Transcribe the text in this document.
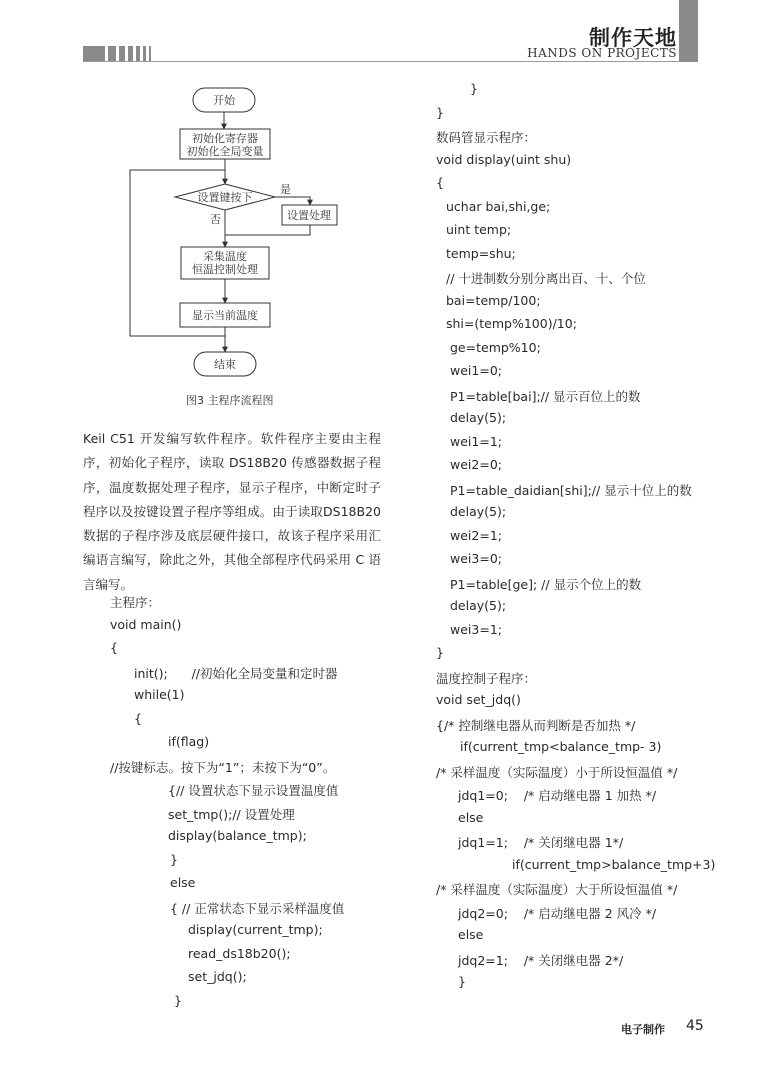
制作天地
HANDS ON PROJECTS
开始
初始化寄存器
初始化全局变量
设置键按下
是
否	设置处理
采集温度
恒温控制处理
显示当前温度
结束
图3 主程序流程图
Keil C51 开发编写软件程序。软件程序主要由主程序，初始化子程序，读取 DS18B20 传感器数据子程序，温度数据处理子程序，显示子程序，中断定时子程序以及按键设置子程序等组成。由于读取DS18B20 数据的子程序涉及底层硬件接口，故该子程序采用汇编语言编写，除此之外，其他全部程序代码采用 C 语言编写。
主程序：
void main()
{
init();      //初始化全局变量和定时器
while(1)
{
if(flag)
//按键标志。按下为“1”；未按下为“0”。
{// 设置状态下显示设置温度值
set_tmp();// 设置处理
display(balance_tmp);
}
else
{ // 正常状态下显示采样温度值
display(current_tmp);
read_ds18b20();
set_jdq();
}
}
}
数码管显示程序：
void display(uint shu)
{
uchar bai,shi,ge;
uint temp;
temp=shu;
// 十进制数分别分离出百、十、个位
bai=temp/100;
shi=(temp%100)/10;
ge=temp%10;
wei1=0;
P1=table[bai];// 显示百位上的数
delay(5);
wei1=1;
wei2=0;
P1=table_daidian[shi];// 显示十位上的数
delay(5);
wei2=1;
wei3=0;
P1=table[ge]; // 显示个位上的数
delay(5);
wei3=1;
}
温度控制子程序：
void set_jdq()
{/* 控制继电器从而判断是否加热 */
if(current_tmp<balance_tmp- 3)
/* 采样温度（实际温度）小于所设恒温值 */
jdq1=0;    /* 启动继电器 1 加热 */
else
jdq1=1;    /* 关闭继电器 1*/
if(current_tmp>balance_tmp+3)
/* 采样温度（实际温度）大于所设恒温值 */
jdq2=0;    /* 启动继电器 2 风冷 */
else
jdq2=1;    /* 关闭继电器 2*/
}
电子制作 45
